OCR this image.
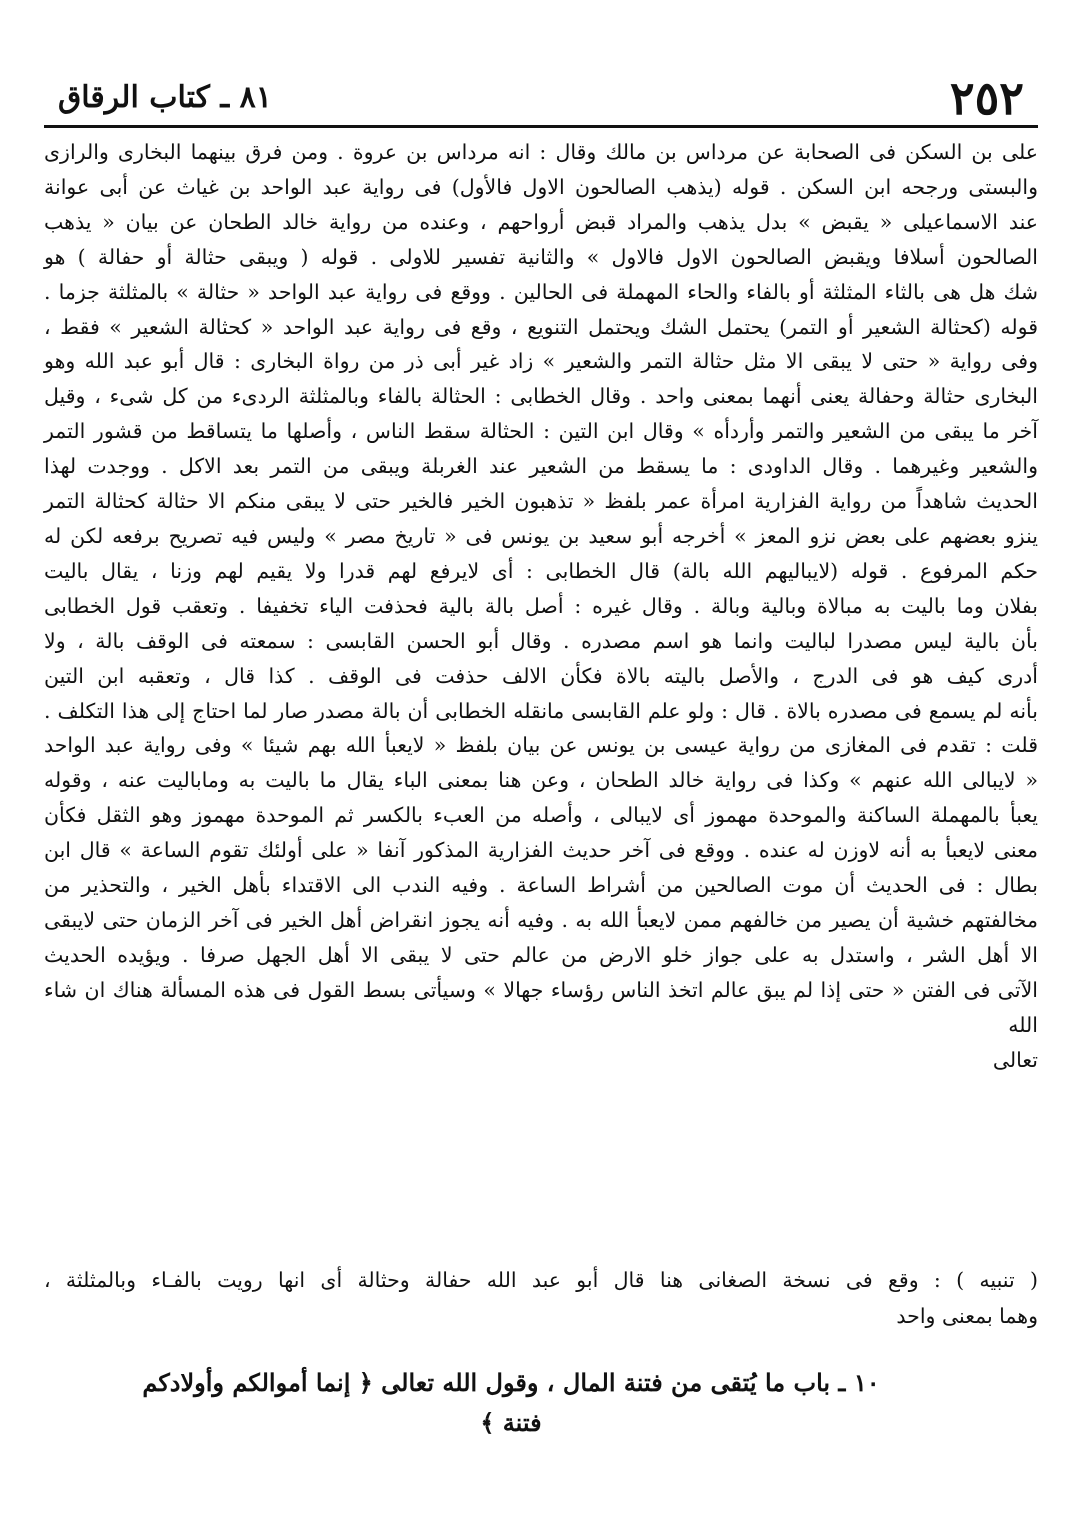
٢٥٢
٨١ ـ كتاب الرقاق

على بن السكن فى الصحابة عن مرداس بن مالك وقال : انه مرداس بن عروة . ومن فرق بينهما البخارى والرازى
والبستى ورجحه ابن السكن . قوله (يذهب الصالحون الاول فالأول) فى رواية عبد الواحد بن غياث عن أبى عوانة
عند الاسماعيلى « يقبض » بدل يذهب والمراد قبض أرواحهم ، وعنده من رواية خالد الطحان عن بيان « يذهب
الصالحون أسلافا ويقبض الصالحون الاول فالاول » والثانية تفسير للاولى . قوله ( ويبقى حثالة أو حفالة ) هو
شك هل هى بالثاء المثلثة أو بالفاء والحاء المهملة فى الحالين . ووقع فى رواية عبد الواحد « حثالة » بالمثلثة جزما .
قوله (كحثالة الشعير أو التمر) يحتمل الشك ويحتمل التنويع ، وقع فى رواية عبد الواحد « كحثالة الشعير » فقط ،
وفى رواية « حتى لا يبقى الا مثل حثالة التمر والشعير » زاد غير أبى ذر من رواة البخارى : قال أبو عبد الله وهو
البخارى حثالة وحفالة يعنى أنهما بمعنى واحد . وقال الخطابى : الحثالة بالفاء وبالمثلثة الردىء من كل شىء ، وقيل
آخر ما يبقى من الشعير والتمر وأردأه » وقال ابن التين : الحثالة سقط الناس ، وأصلها ما يتساقط من قشور التمر
والشعير وغيرهما . وقال الداودى : ما يسقط من الشعير عند الغربلة ويبقى من التمر بعد الاكل . ووجدت لهذا
الحديث شاهداً من رواية الفزارية امرأة عمر بلفظ « تذهبون الخير فالخير حتى لا يبقى منكم الا حثالة كحثالة التمر
ينزو بعضهم على بعض نزو المعز » أخرجه أبو سعيد بن يونس فى « تاريخ مصر » وليس فيه تصريح برفعه لكن له
حكم المرفوع . قوله (لايباليهم الله بالة) قال الخطابى : أى لايرفع لهم قدرا ولا يقيم لهم وزنا ، يقال باليت
بفلان وما باليت به مبالاة وبالية وبالة . وقال غيره : أصل بالة بالية فحذفت الياء تخفيفا . وتعقب قول الخطابى
بأن بالية ليس مصدرا لباليت وانما هو اسم مصدره . وقال أبو الحسن القابسى : سمعته فى الوقف بالة ، ولا
أدرى كيف هو فى الدرج ، والأصل باليته بالاة فكأن الالف حذفت فى الوقف . كذا قال ، وتعقبه ابن التين
بأنه لم يسمع فى مصدره بالاة . قال : ولو علم القابسى مانقله الخطابى أن بالة مصدر صار لما احتاج إلى هذا التكلف .
قلت : تقدم فى المغازى من رواية عيسى بن يونس عن بيان بلفظ « لايعبأ الله بهم شيئا » وفى رواية عبد الواحد
« لايبالى الله عنهم » وكذا فى رواية خالد الطحان ، وعن هنا بمعنى الباء يقال ما باليت به وماباليت عنه ، وقوله
يعبأ بالمهملة الساكنة والموحدة مهموز أى لايبالى ، وأصله من العبء بالكسر ثم الموحدة مهموز وهو الثقل فكأن
معنى لايعبأ به أنه لاوزن له عنده . ووقع فى آخر حديث الفزارية المذكور آنفا « على أولئك تقوم الساعة » قال ابن
بطال : فى الحديث أن موت الصالحين من أشراط الساعة . وفيه الندب الى الاقتداء بأهل الخير ، والتحذير من
مخالفتهم خشية أن يصير من خالفهم ممن لايعبأ الله به . وفيه أنه يجوز انقراض أهل الخير فى آخر الزمان حتى لايبقى
الا أهل الشر ، واستدل به على جواز خلو الارض من عالم حتى لا يبقى الا أهل الجهل صرفا . ويؤيده الحديث
الآتى فى الفتن « حتى إذا لم يبق عالم اتخذ الناس رؤساء جهالا » وسيأتى بسط القول فى هذه المسألة هناك ان شاء الله
تعالى

( تنبيه ) : وقع فى نسخة الصغانى هنا قال أبو عبد الله حفالة وحثالة أى انها رويت بالفـاء وبالمثلثة ،
وهما بمعنى واحد
١٠ ـ باب ما يُتقى من فتنة المال ، وقول الله تعالى ﴿ إنما أموالكم وأولادكم فتنة ﴾
